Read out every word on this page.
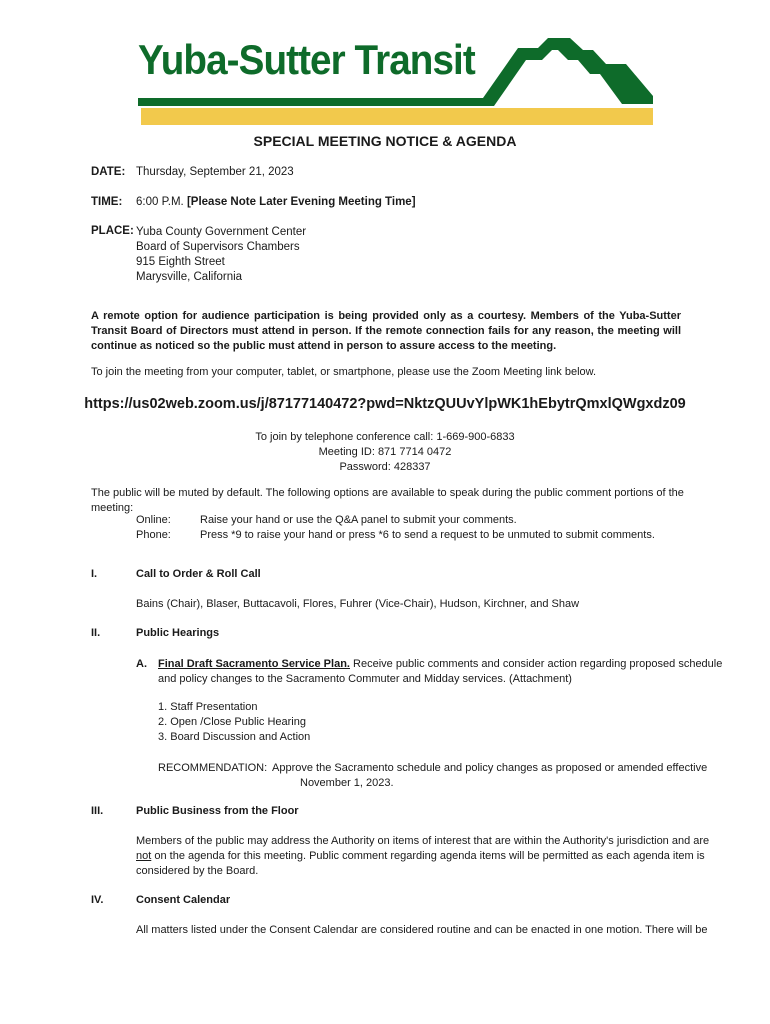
Yuba-Sutter Transit
SPECIAL MEETING NOTICE & AGENDA
DATE: Thursday, September 21, 2023
TIME: 6:00 P.M. [Please Note Later Evening Meeting Time]
PLACE: Yuba County Government Center
Board of Supervisors Chambers
915 Eighth Street
Marysville, California
A remote option for audience participation is being provided only as a courtesy. Members of the Yuba-Sutter Transit Board of Directors must attend in person. If the remote connection fails for any reason, the meeting will continue as noticed so the public must attend in person to assure access to the meeting.
To join the meeting from your computer, tablet, or smartphone, please use the Zoom Meeting link below.
https://us02web.zoom.us/j/87177140472?pwd=NktzQUUvYlpWK1hEbytrQmxlQWgxdz09
To join by telephone conference call: 1-669-900-6833
Meeting ID: 871 7714 0472
Password: 428337
The public will be muted by default. The following options are available to speak during the public comment portions of the meeting:
Online:	Raise your hand or use the Q&A panel to submit your comments.
Phone:	Press *9 to raise your hand or press *6 to send a request to be unmuted to submit comments.
I.	Call to Order & Roll Call
Bains (Chair), Blaser, Buttacavoli, Flores, Fuhrer (Vice-Chair), Hudson, Kirchner, and Shaw
II.	Public Hearings
A. Final Draft Sacramento Service Plan. Receive public comments and consider action regarding proposed schedule
and policy changes to the Sacramento Commuter and Midday services. (Attachment)
1. Staff Presentation
2. Open /Close Public Hearing
3. Board Discussion and Action
RECOMMENDATION: Approve the Sacramento schedule and policy changes as proposed or amended effective
November 1, 2023.
III.	Public Business from the Floor
Members of the public may address the Authority on items of interest that are within the Authority's jurisdiction and are
not on the agenda for this meeting. Public comment regarding agenda items will be permitted as each agenda item is
considered by the Board.
IV.	Consent Calendar
All matters listed under the Consent Calendar are considered routine and can be enacted in one motion. There will be
